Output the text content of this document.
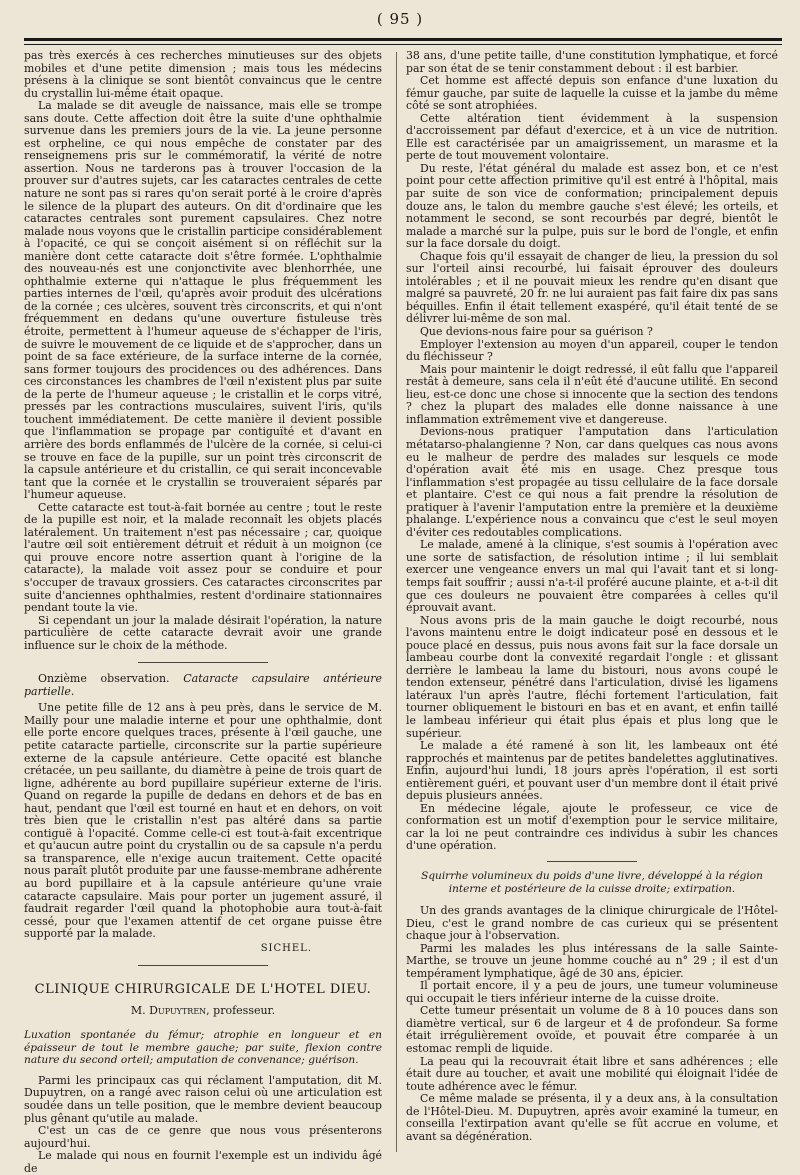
( 95 )

pas très exercés à ces recherches minutieuses sur des objets mobiles et d'une petite dimension ; mais tous les médecins présens à la clinique se sont bientôt convaincus que le centre du crystallin lui-même était opaque.

La malade se dit aveugle de naissance, mais elle se trompe sans doute. Cette affection doit être la suite d'une ophthalmie survenue dans les premiers jours de la vie. La jeune personne est orpheline, ce qui nous empêche de constater par des renseignemens pris sur le commémoratif, la vérité de notre assertion. Nous ne tarderons pas à trouver l'occasion de la prouver sur d'autres sujets, car les cataractes centrales de cette nature ne sont pas si rares qu'on serait porté à le croire d'après le silence de la plupart des auteurs. On dit d'ordinaire que les cataractes centrales sont purement capsulaires. Chez notre malade nous voyons que le cristallin participe considérablement à l'opacité, ce qui se conçoit aisément si on réfléchit sur la manière dont cette cataracte doit s'être formée. L'ophthalmie des nouveau-nés est une conjonctivite avec blenhorrhée, une ophthalmie externe qui n'attaque le plus fréquemment les parties internes de l'œil, qu'après avoir produit des ulcérations de la cornée ; ces ulcères, souvent très circonscrits, et qui n'ont fréquemment en dedans qu'une ouverture fistuleuse très étroite, permettent à l'humeur aqueuse de s'échapper de l'iris, de suivre le mouvement de ce liquide et de s'approcher, dans un point de sa face extérieure, de la surface interne de la cornée, sans former toujours des procidences ou des adhérences. Dans ces circonstances les chambres de l'œil n'existent plus par suite de la perte de l'humeur aqueuse ; le cristallin et le corps vitré, pressés par les contractions musculaires, suivent l'iris, qu'ils touchent immédiatement. De cette manière il devient possible que l'inflammation se propage par contiguïté et d'avant en arrière des bords enflammés de l'ulcère de la cornée, si celui-ci se trouve en face de la pupille, sur un point très circonscrit de la capsule antérieure et du cristallin, ce qui serait inconcevable tant que la cornée et le crystallin se trouveraient séparés par l'humeur aqueuse.

Cette cataracte est tout-à-fait bornée au centre ; tout le reste de la pupille est noir, et la malade reconnaît les objets placés latéralement. Un traitement n'est pas nécessaire ; car, quoique l'autre œil soit entièrement détruit et réduit à un moignon (ce qui prouve encore notre assertion quant à l'origine de la cataracte), la malade voit assez pour se conduire et pour s'occuper de travaux grossiers. Ces cataractes circonscrites par suite d'anciennes ophthalmies, restent d'ordinaire stationnaires pendant toute la vie.

Si cependant un jour la malade désirait l'opération, la nature particulière de cette cataracte devrait avoir une grande influence sur le choix de la méthode.

Onzième observation. Cataracte capsulaire antérieure partielle.

Une petite fille de 12 ans à peu près, dans le service de M. Mailly pour une maladie interne et pour une ophthalmie, dont elle porte encore quelques traces, présente à l'œil gauche, une petite cataracte partielle, circonscrite sur la partie supérieure externe de la capsule antérieure. Cette opacité est blanche crétacée, un peu saillante, du diamètre à peine de trois quart de ligne, adhérente au bord pupillaire supérieur externe de l'iris. Quand on regarde la pupille de dedans en dehors et de bas en haut, pendant que l'œil est tourné en haut et en dehors, on voit très bien que le cristallin n'est pas altéré dans sa partie contiguë à l'opacité. Comme celle-ci est tout-à-fait excentrique et qu'aucun autre point du crystallin ou de sa capsule n'a perdu sa transparence, elle n'exige aucun traitement. Cette opacité nous paraît plutôt produite par une fausse-membrane adhérente au bord pupillaire et à la capsule antérieure qu'une vraie cataracte capsulaire. Mais pour porter un jugement assuré, il faudrait regarder l'œil quand la photophobie aura tout-à-fait cessé, pour que l'examen attentif de cet organe puisse être supporté par la malade.

SICHEL.

CLINIQUE CHIRURGICALE DE L'HOTEL DIEU.

M. Dupuytren, professeur.

Luxation spontanée du fémur; atrophie en longueur et en épaisseur de tout le membre gauche; par suite, flexion contre nature du second orteil; amputation de convenance; guérison.

Parmi les principaux cas qui réclament l'amputation, dit M. Dupuytren, on a rangé avec raison celui où une articulation est soudée dans un telle position, que le membre devient beaucoup plus gênant qu'utile au malade.

C'est un cas de ce genre que nous vous présenterons aujourd'hui.

Le malade qui nous en fournit l'exemple est un individu âgé de

38 ans, d'une petite taille, d'une constitution lymphatique, et forcé par son état de se tenir constamment debout : il est barbier.

Cet homme est affecté depuis son enfance d'une luxation du fémur gauche, par suite de laquelle la cuisse et la jambe du même côté se sont atrophiées.

Cette altération tient évidemment à la suspension d'accroissement par défaut d'exercice, et à un vice de nutrition. Elle est caractérisée par un amaigrissement, un marasme et la perte de tout mouvement volontaire.

Du reste, l'état général du malade est assez bon, et ce n'est point pour cette affection primitive qu'il est entré à l'hôpital, mais par suite de son vice de conformation; principalement depuis douze ans, le talon du membre gauche s'est élevé; les orteils, et notamment le second, se sont recourbés par degré, bientôt le malade a marché sur la pulpe, puis sur le bord de l'ongle, et enfin sur la face dorsale du doigt.

Chaque fois qu'il essayait de changer de lieu, la pression du sol sur l'orteil ainsi recourbé, lui faisait éprouver des douleurs intolérables ; et il ne pouvait mieux les rendre qu'en disant que malgré sa pauvreté, 20 fr. ne lui auraient pas fait faire dix pas sans béquilles. Enfin il était tellement exaspéré, qu'il était tenté de se délivrer lui-même de son mal.

Que devions-nous faire pour sa guérison ?

Employer l'extension au moyen d'un appareil, couper le tendon du fléchisseur ?

Mais pour maintenir le doigt redressé, il eût fallu que l'appareil restât à demeure, sans cela il n'eût été d'aucune utilité. En second lieu, est-ce donc une chose si innocente que la section des tendons ? chez la plupart des malades elle donne naissance à une inflammation extrêmement vive et dangereuse.

Devions-nous pratiquer l'amputation dans l'articulation métatarso-phalangienne ? Non, car dans quelques cas nous avons eu le malheur de perdre des malades sur lesquels ce mode d'opération avait été mis en usage. Chez presque tous l'inflammation s'est propagée au tissu cellulaire de la face dorsale et plantaire. C'est ce qui nous a fait prendre la résolution de pratiquer à l'avenir l'amputation entre la première et la deuxième phalange. L'expérience nous a convaincu que c'est le seul moyen d'éviter ces redoutables complications.

Le malade, amené à la clinique, s'est soumis à l'opération avec une sorte de satisfaction, de résolution intime ; il lui semblait exercer une vengeance envers un mal qui l'avait tant et si long-temps fait souffrir ; aussi n'a-t-il proféré aucune plainte, et a-t-il dit que ces douleurs ne pouvaient être comparées à celles qu'il éprouvait avant.

Nous avons pris de la main gauche le doigt recourbé, nous l'avons maintenu entre le doigt indicateur posé en dessous et le pouce placé en dessus, puis nous avons fait sur la face dorsale un lambeau courbe dont la convexité regardait l'ongle : et glissant derrière le lambeau la lame du bistouri, nous avons coupé le tendon extenseur, pénétré dans l'articulation, divisé les ligamens latéraux l'un après l'autre, fléchi fortement l'articulation, fait tourner obliquement le bistouri en bas et en avant, et enfin taillé le lambeau inférieur qui était plus épais et plus long que le supérieur.

Le malade a été ramené à son lit, les lambeaux ont été rapprochés et maintenus par de petites bandelettes agglutinatives. Enfin, aujourd'hui lundi, 18 jours après l'opération, il est sorti entièrement guéri, et pouvant user d'un membre dont il était privé depuis plusieurs années.

En médecine légale, ajoute le professeur, ce vice de conformation est un motif d'exemption pour le service militaire, car la loi ne peut contraindre ces individus à subir les chances d'une opération.

Squirrhe volumineux du poids d'une livre, développé à la région interne et postérieure de la cuisse droite; extirpation.

Un des grands avantages de la clinique chirurgicale de l'Hôtel-Dieu, c'est le grand nombre de cas curieux qui se présentent chaque jour à l'observation.

Parmi les malades les plus intéressans de la salle Sainte-Marthe, se trouve un jeune homme couché au n° 29 ; il est d'un tempérament lymphatique, âgé de 30 ans, épicier.

Il portait encore, il y a peu de jours, une tumeur volumineuse qui occupait le tiers inférieur interne de la cuisse droite.

Cette tumeur présentait un volume de 8 à 10 pouces dans son diamètre vertical, sur 6 de largeur et 4 de profondeur. Sa forme était irrégulièrement ovoïde, et pouvait être comparée à un estomac rempli de liquide.

La peau qui la recouvrait était libre et sans adhérences ; elle était dure au toucher, et avait une mobilité qui éloignait l'idée de toute adhérence avec le fémur.

Ce même malade se présenta, il y a deux ans, à la consultation de l'Hôtel-Dieu. M. Dupuytren, après avoir examiné la tumeur, en conseilla l'extirpation avant qu'elle se fût accrue en volume, et avant sa dégénération.
